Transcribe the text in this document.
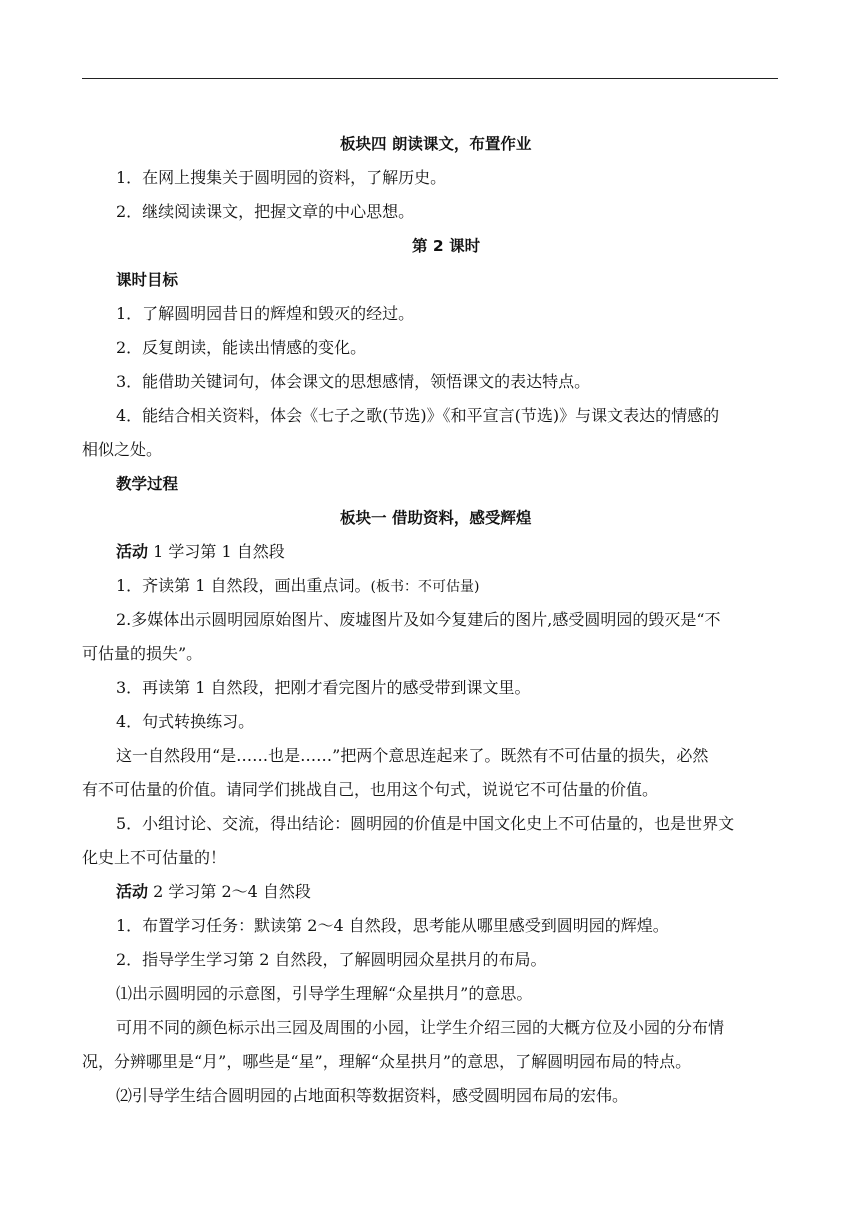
板块四 朗读课文，布置作业
1．在网上搜集关于圆明园的资料，了解历史。
2．继续阅读课文，把握文章的中心思想。
第 2 课时
课时目标
1．了解圆明园昔日的辉煌和毁灭的经过。
2．反复朗读，能读出情感的变化。
3．能借助关键词句，体会课文的思想感情，领悟课文的表达特点。
4．能结合相关资料，体会《七子之歌(节选)》《和平宣言(节选)》与课文表达的情感的
相似之处。
教学过程
板块一 借助资料，感受辉煌
活动 1 学习第 1 自然段
1．齐读第 1 自然段，画出重点词。(板书：不可估量)
2.多媒体出示圆明园原始图片、废墟图片及如今复建后的图片,感受圆明园的毁灭是“不
可估量的损失”。
3．再读第 1 自然段，把刚才看完图片的感受带到课文里。
4．句式转换练习。
这一自然段用“是……也是……”把两个意思连起来了。既然有不可估量的损失，必然
有不可估量的价值。请同学们挑战自己，也用这个句式，说说它不可估量的价值。
5．小组讨论、交流，得出结论：圆明园的价值是中国文化史上不可估量的，也是世界文
化史上不可估量的！
活动 2 学习第 2～4 自然段
1．布置学习任务：默读第 2～4 自然段，思考能从哪里感受到圆明园的辉煌。
2．指导学生学习第 2 自然段，了解圆明园众星拱月的布局。
⑴出示圆明园的示意图，引导学生理解“众星拱月”的意思。
可用不同的颜色标示出三园及周围的小园，让学生介绍三园的大概方位及小园的分布情
况，分辨哪里是“月”，哪些是“星”，理解“众星拱月”的意思，了解圆明园布局的特点。
⑵引导学生结合圆明园的占地面积等数据资料，感受圆明园布局的宏伟。
